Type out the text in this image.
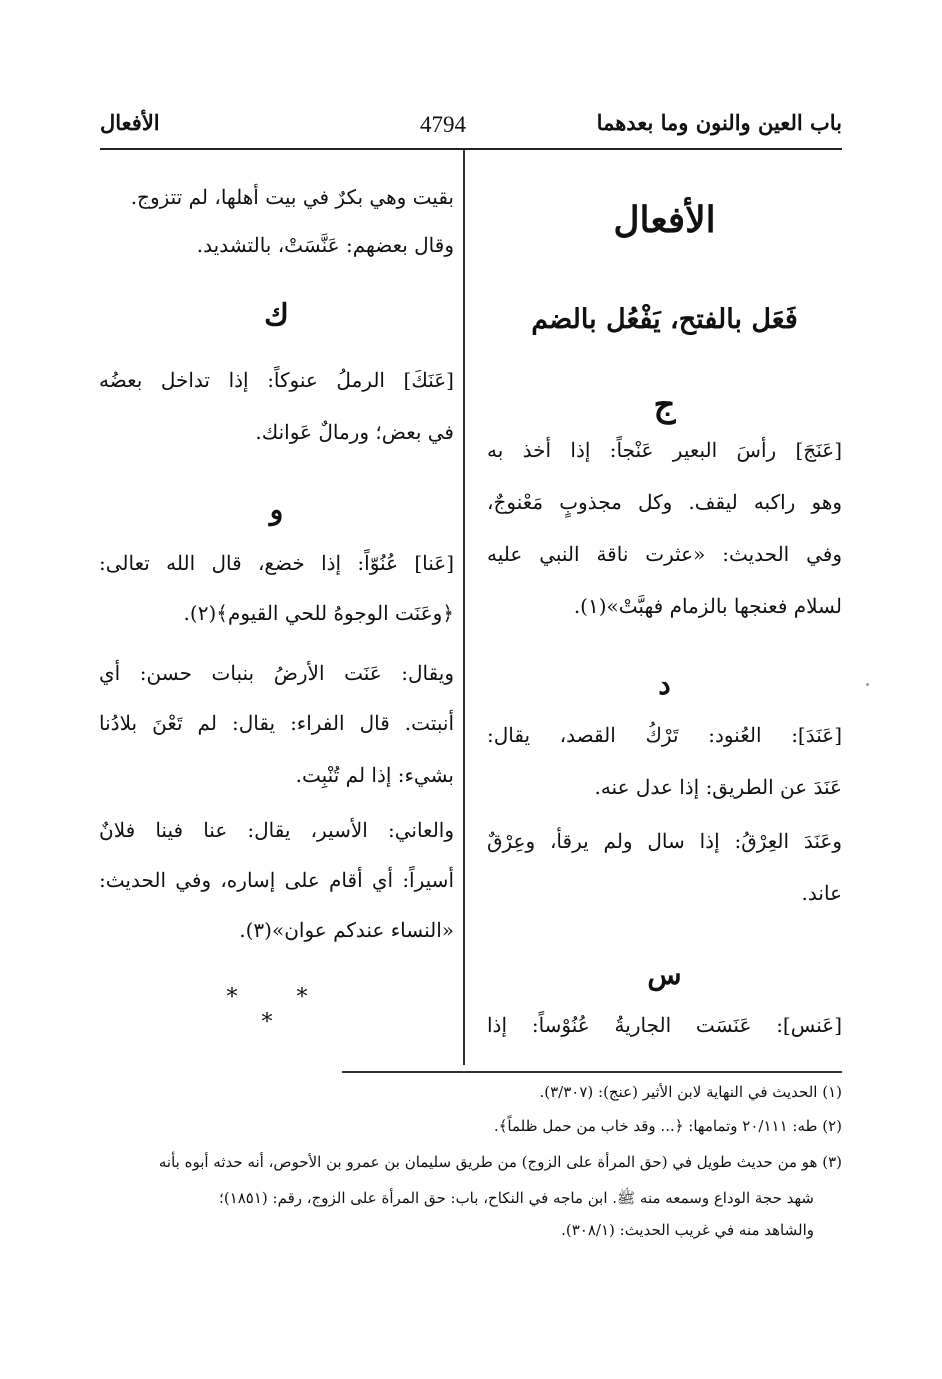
باب العين والنون وما بعدهما
4794
الأفعال
الأفعال
فَعَل بالفتح، يَفْعُل بالضم
ج
[عَنَجَ] رأسَ البعير عَنْجاً: إذا أخذ به
وهو راكبه ليقف. وكل مجذوبٍ مَعْنوجٌ،
وفي الحديث: «عثرت ناقة النبي عليه
لسلام فعنجها بالزمام فهبَّتْ»(١).
د
[عَنَدَ]: العُنود: تَرْكُ القصد، يقال:
عَنَدَ عن الطريق: إذا عدل عنه.
وعَنَدَ العِرْقُ: إذا سال ولم يرقأ، وعِرْقٌ
عاند.
س
[عَنس]: عَنَسَت الجاريةُ عُنُوْساً: إذا
بقيت وهي بكرٌ في بيت أهلها، لم تتزوج.
وقال بعضهم: عَنَّسَتْ، بالتشديد.
ك
[عَنَكَ] الرملُ عنوكاً: إذا تداخل بعضُه
في بعض؛ ورمالٌ عَوانك.
و
[عَنا] عُنُوّاً: إذا خضع، قال الله تعالى:
﴿وعَنَت الوجوهُ للحي القيوم﴾(٢).
ويقال: عَنَت الأرضُ بنبات حسن: أي
أنبتت. قال الفراء: يقال: لم تَعْنَ بلادُنا
بشيء: إذا لم تُنْبِت.
والعاني: الأسير، يقال: عنا فينا فلانٌ
أسيراً: أي أقام على إساره، وفي الحديث:
«النساء عندكم عوان»(٣).
* * *
(١) الحديث في النهاية لابن الأثير (عنج): (٣/٣٠٧).
(٢) طه: ٢٠/١١١ وتمامها: ﴿... وقد خاب من حمل ظلماً﴾.
(٣) هو من حديث طويل في (حق المرأة على الزوج) من طريق سليمان بن عمرو بن الأحوص، أنه حدثه أبوه بأنه
شهد حجة الوداع وسمعه منه ﷺ. ابن ماجه في النكاح، باب: حق المرأة على الزوج، رقم: (١٨٥١)؛
والشاهد منه في غريب الحديث: (٣٠٨/١).
